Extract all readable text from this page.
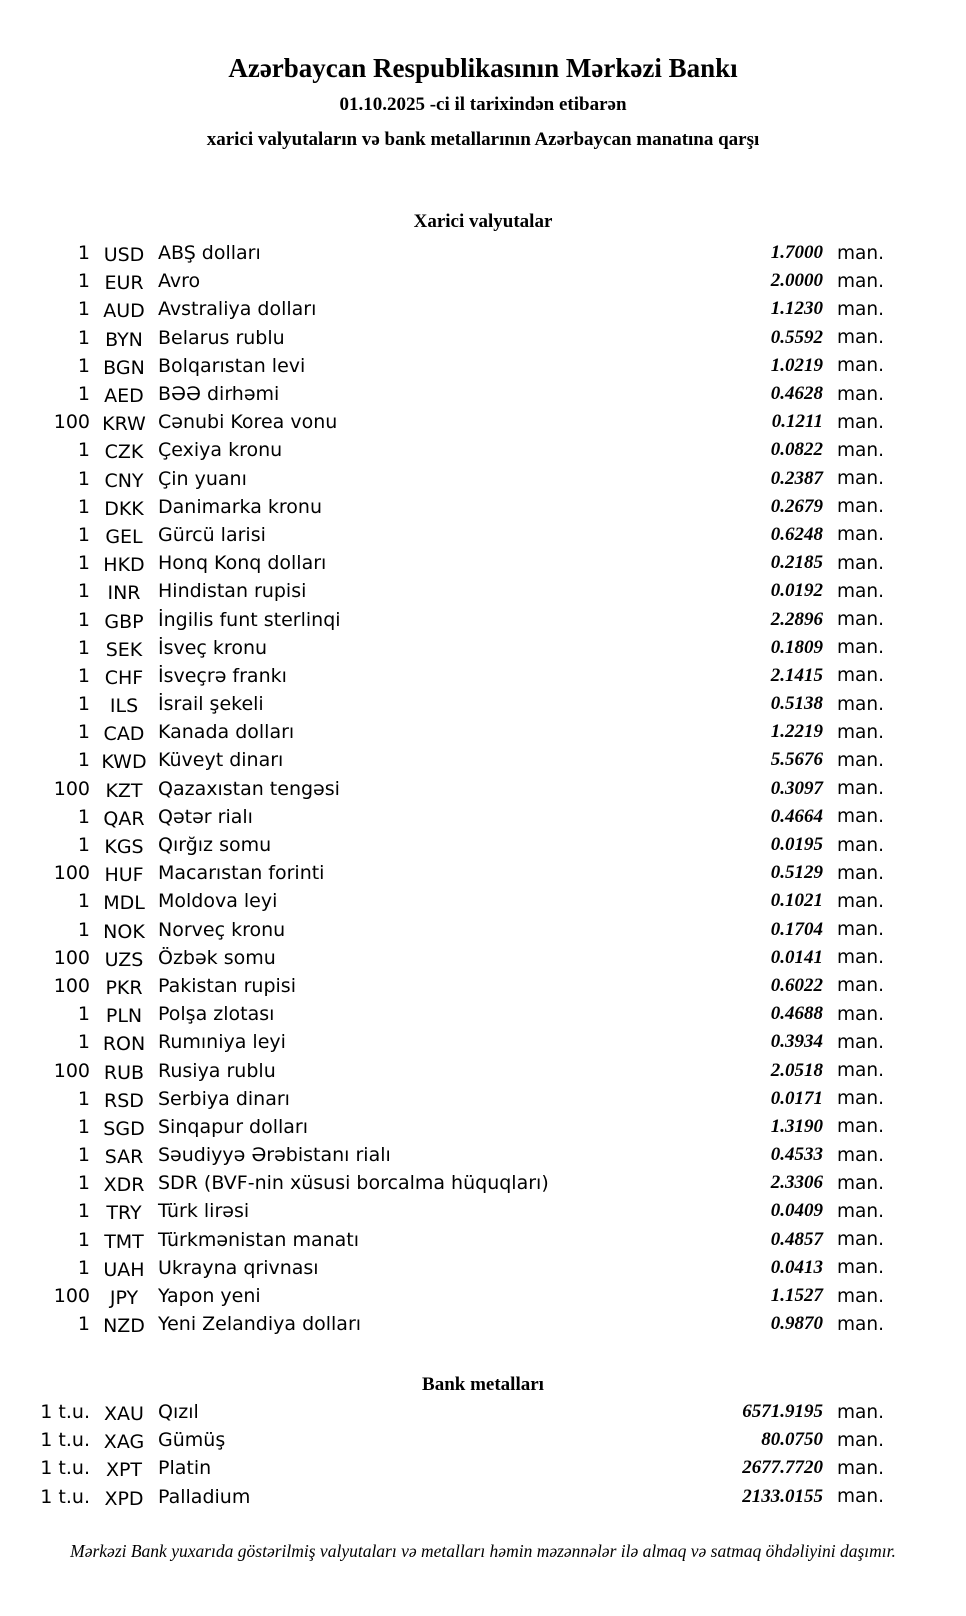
Azərbaycan Respublikasının Mərkəzi Bankı
01.10.2025 -ci il tarixindən etibarən
xarici valyutaların və bank metallarının Azərbaycan manatına qarşı
Xarici valyutalar
1 USD ABŞ dolları	1.7000 man.
1 EUR Avro	2.0000 man.
1 AUD Avstraliya dolları	1.1230 man.
1 BYN Belarus rublu	0.5592 man.
1 BGN Bolqarıstan levi	1.0219 man.
1 AED BƏƏ dirhəmi	0.4628 man.
100 KRW Cənubi Korea vonu	0.1211 man.
1 CZK Çexiya kronu	0.0822 man.
1 CNY Çin yuanı	0.2387 man.
1 DKK Danimarka kronu	0.2679 man.
1 GEL Gürcü larisi	0.6248 man.
1 HKD Honq Konq dolları	0.2185 man.
1 INR Hindistan rupisi	0.0192 man.
1 GBP İngilis funt sterlinqi	2.2896 man.
1 SEK İsveç kronu	0.1809 man.
1 CHF İsveçrə frankı	2.1415 man.
1	ILS	İsrail şekeli	0.5138 man.
1 CAD Kanada dolları	1.2219 man.
1 KWD Küveyt dinarı	5.5676 man.
100 KZT Qazaxıstan tengəsi	0.3097 man.
1 QAR Qətər rialı	0.4664 man.
1 KGS Qırğız somu	0.0195 man.
100 HUF Macarıstan forinti	0.5129 man.
1 MDL Moldova leyi	0.1021 man.
1 NOK Norveç kronu	0.1704 man.
100 UZS Özbək somu	0.0141 man.
100 PKR Pakistan rupisi	0.6022 man.
1 PLN Polşa zlotası	0.4688 man.
1 RON Rumıniya leyi	0.3934 man.
100 RUB Rusiya rublu	2.0518 man.
1 RSD Serbiya dinarı	0.0171 man.
1 SGD Sinqapur dolları	1.3190 man.
1 SAR Səudiyyə Ərəbistanı rialı	0.4533 man.
1 XDR SDR (BVF-nin xüsusi borcalma hüquqları)	2.3306 man.
1 TRY Türk lirəsi	0.0409 man.
1 TMT Türkmənistan manatı	0.4857 man.
1 UAH Ukrayna qrivnası	0.0413 man.
100	JPY	Yapon yeni	1.1527 man.
1 NZD Yeni Zelandiya dolları	0.9870 man.
Bank metalları
1 t.u. XAU Qızıl	6571.9195 man.
1 t.u. XAG Gümüş	80.0750 man.
1 t.u. XPT Platin	2677.7720 man.
1 t.u. XPD Palladium	2133.0155 man.
Mərkəzi Bank yuxarıda göstərilmiş valyutaları və metalları həmin məzənnələr ilə almaq və satmaq öhdəliyini daşımır.
